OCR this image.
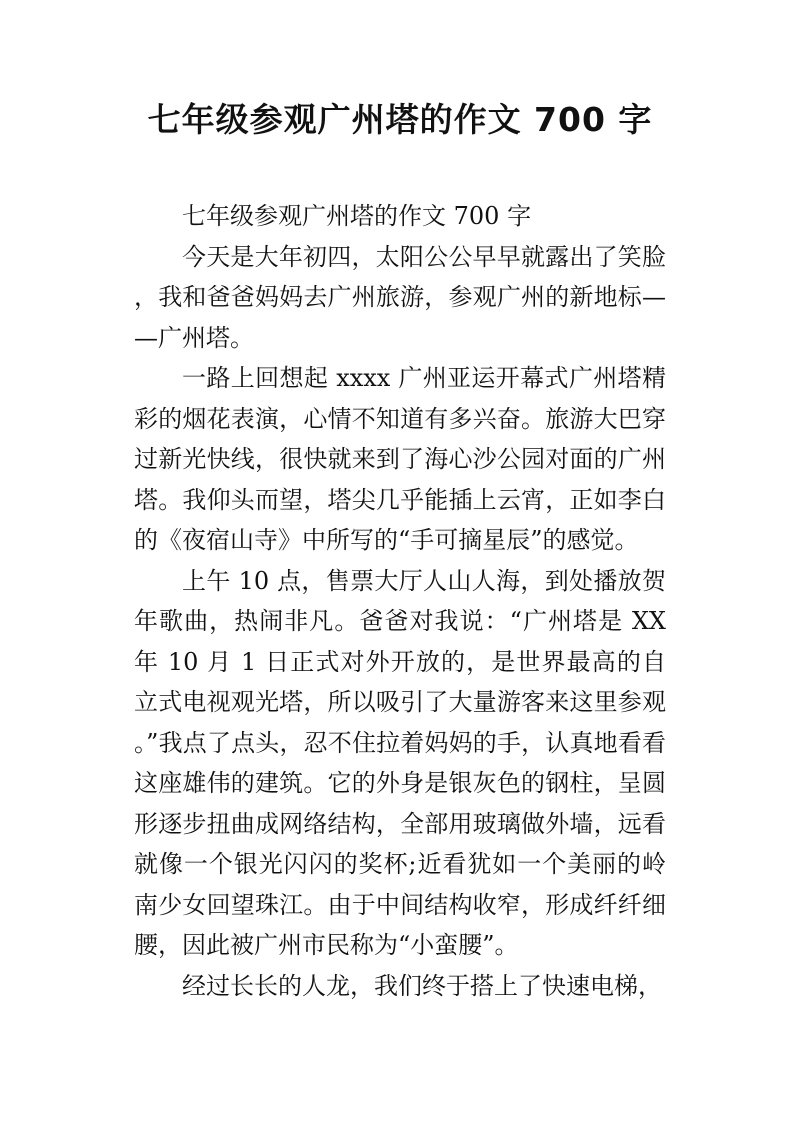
七年级参观广州塔的作文 700 字

七年级参观广州塔的作文 700 字

今天是大年初四，太阳公公早早就露出了笑脸，我和爸爸妈妈去广州旅游，参观广州的新地标——广州塔。

一路上回想起 xxxx 广州亚运开幕式广州塔精彩的烟花表演，心情不知道有多兴奋。旅游大巴穿过新光快线，很快就来到了海心沙公园对面的广州塔。我仰头而望，塔尖几乎能插上云宵，正如李白的《夜宿山寺》中所写的“手可摘星辰”的感觉。

上午 10 点，售票大厅人山人海，到处播放贺年歌曲，热闹非凡。爸爸对我说：“广州塔是 XX 年 10 月 1 日正式对外开放的，是世界最高的自立式电视观光塔，所以吸引了大量游客来这里参观。”我点了点头，忍不住拉着妈妈的手，认真地看看这座雄伟的建筑。它的外身是银灰色的钢柱，呈圆形逐步扭曲成网络结构，全部用玻璃做外墙，远看就像一个银光闪闪的奖杯;近看犹如一个美丽的岭南少女回望珠江。由于中间结构收窄，形成纤纤细腰，因此被广州市民称为“小蛮腰”。

经过长长的人龙，我们终于搭上了快速电梯，
